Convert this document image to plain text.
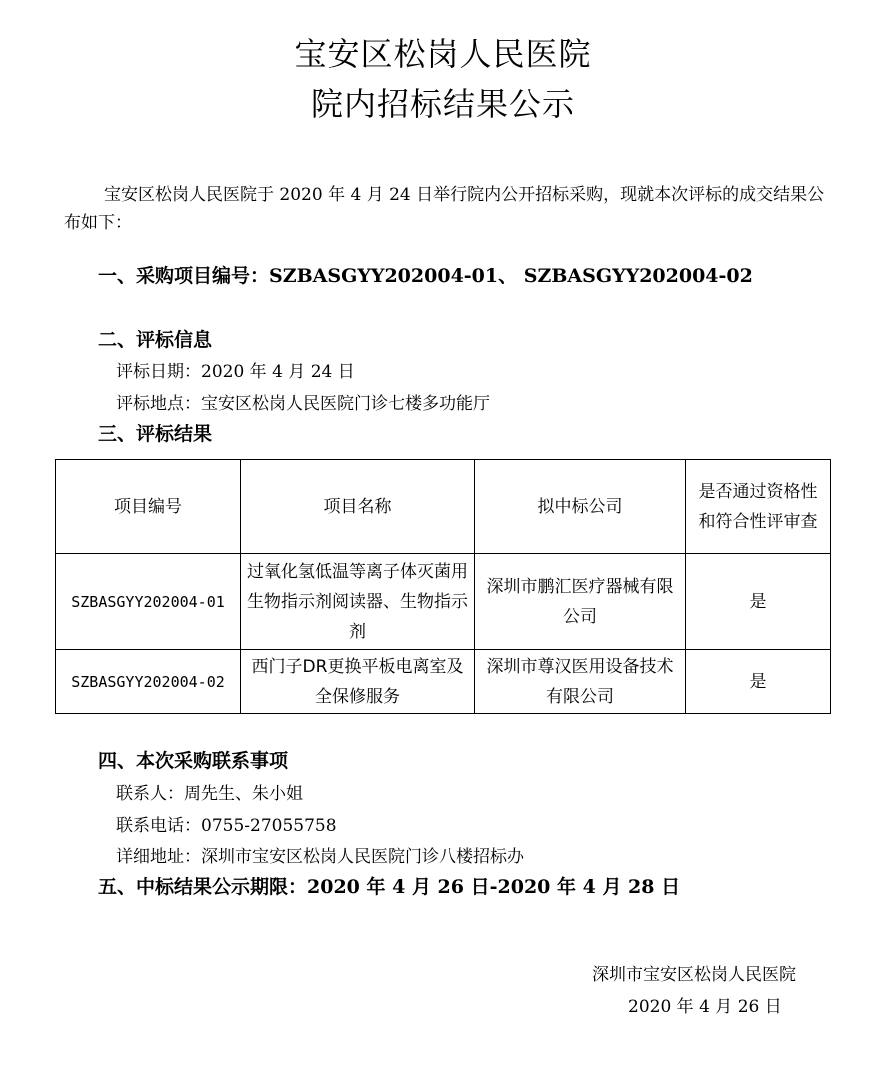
宝安区松岗人民医院
院内招标结果公示
宝安区松岗人民医院于 2020 年 4 月 24 日举行院内公开招标采购，现就本次评标的成交结果公布如下：
一、采购项目编号：SZBASGYY202004-01、 SZBASGYY202004-02
二、评标信息
评标日期：2020 年 4 月 24 日
评标地点：宝安区松岗人民医院门诊七楼多功能厅
三、评标结果
项目编号	项目名称	拟中标公司	是否通过资格性和符合性评审查
SZBASGYY202004-01	过氧化氢低温等离子体灭菌用生物指示剂阅读器、生物指示剂	深圳市鹏汇医疗器械有限公司	是
SZBASGYY202004-02	西门子DR更换平板电离室及全保修服务	深圳市尊汉医用设备技术有限公司	是
四、本次采购联系事项
联系人：周先生、朱小姐
联系电话：0755-27055758
详细地址：深圳市宝安区松岗人民医院门诊八楼招标办
五、中标结果公示期限：2020 年 4 月 26 日-2020 年 4 月 28 日
深圳市宝安区松岗人民医院
2020 年 4 月 26 日
